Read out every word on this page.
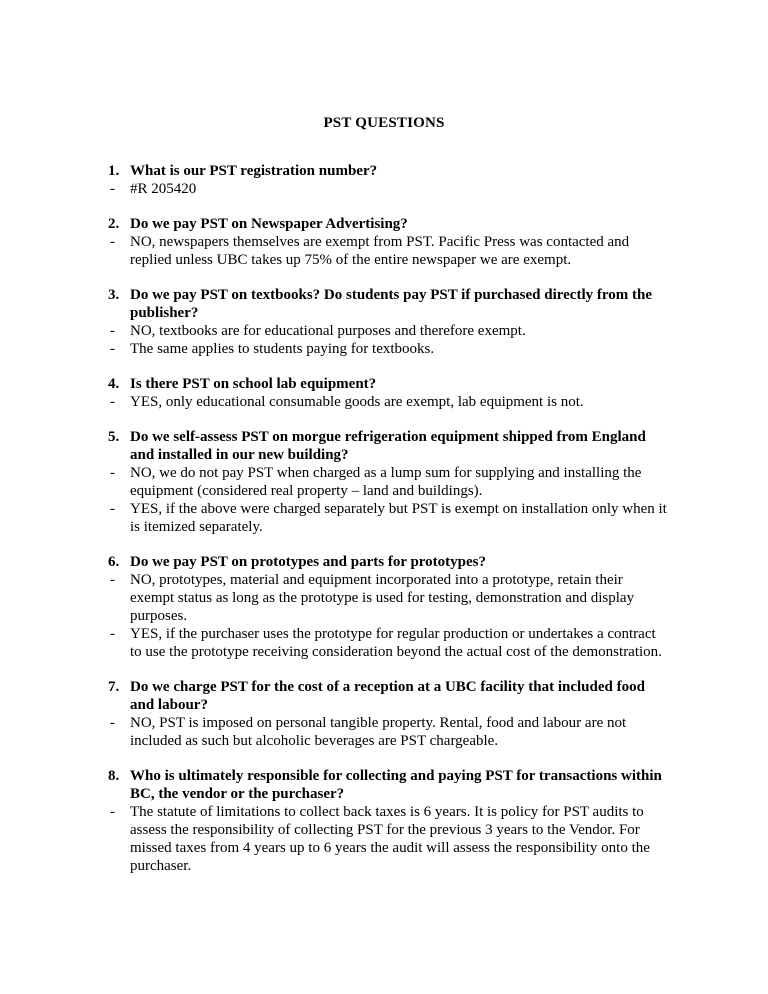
PST QUESTIONS
1. What is our PST registration number?
-	#R 205420
2. Do we pay PST on Newspaper Advertising?
-	NO, newspapers themselves are exempt from PST. Pacific Press was contacted and replied unless UBC takes up 75% of the entire newspaper we are exempt.
3. Do we pay PST on textbooks? Do students pay PST if purchased directly from the publisher?
-	NO, textbooks are for educational purposes and therefore exempt.
-	The same applies to students paying for textbooks.
4. Is there PST on school lab equipment?
-	YES, only educational consumable goods are exempt, lab equipment is not.
5. Do we self-assess PST on morgue refrigeration equipment shipped from England and installed in our new building?
-	NO, we do not pay PST when charged as a lump sum for supplying and installing the equipment (considered real property – land and buildings).
-	YES, if the above were charged separately but PST is exempt on installation only when it is itemized separately.
6. Do we pay PST on prototypes and parts for prototypes?
-	NO, prototypes, material and equipment incorporated into a prototype, retain their exempt status as long as the prototype is used for testing, demonstration and display purposes.
-	YES, if the purchaser uses the prototype for regular production or undertakes a contract to use the prototype receiving consideration beyond the actual cost of the demonstration.
7. Do we charge PST for the cost of a reception at a UBC facility that included food and labour?
-	NO, PST is imposed on personal tangible property. Rental, food and labour are not included as such but alcoholic beverages are PST chargeable.
8. Who is ultimately responsible for collecting and paying PST for transactions within BC, the vendor or the purchaser?
-	The statute of limitations to collect back taxes is 6 years. It is policy for PST audits to assess the responsibility of collecting PST for the previous 3 years to the Vendor. For missed taxes from 4 years up to 6 years the audit will assess the responsibility onto the purchaser.
